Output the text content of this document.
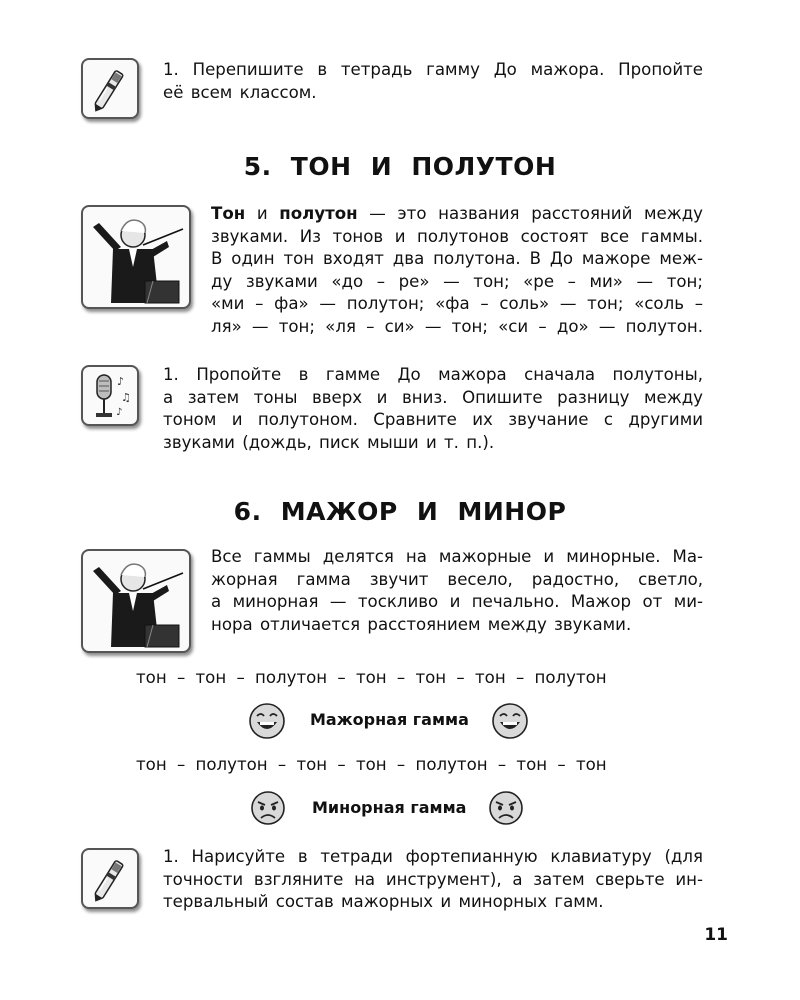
1. Перепишите в тетрадь гамму До мажора. Пропойте

её всем классом.

5. ТОН И ПОЛУТОН

Тон и полутон — это названия расстояний между

звуками. Из тонов и полутонов состоят все гаммы.

В один тон входят два полутона. В До мажоре меж-

ду звуками «до – ре» — тон; «ре – ми» — тон;

«ми – фа» — полутон; «фа – соль» — тон; «соль –

ля» — тон; «ля – си» — тон; «си – до» — полутон.

♪
♫
♪

1. Пропойте в гамме До мажора сначала полутоны,

а затем тоны вверх и вниз. Опишите разницу между

тоном и полутоном. Сравните их звучание с другими

звуками (дождь, писк мыши и т. п.).

6. МАЖОР И МИНОР

Все гаммы делятся на мажорные и минорные. Ма-

жорная гамма звучит весело, радостно, светло,

а минорная — тоскливо и печально. Мажор от ми-

нора отличается расстоянием между звуками.

тон – тон – полутон – тон – тон – тон – полутон
Мажорная гамма
тон – полутон – тон – тон – полутон – тон – тон
Минорная гамма

1. Нарисуйте в тетради фортепианную клавиатуру (для

точности взгляните на инструмент), а затем сверьте ин-

тервальный состав мажорных и минорных гамм.

11
